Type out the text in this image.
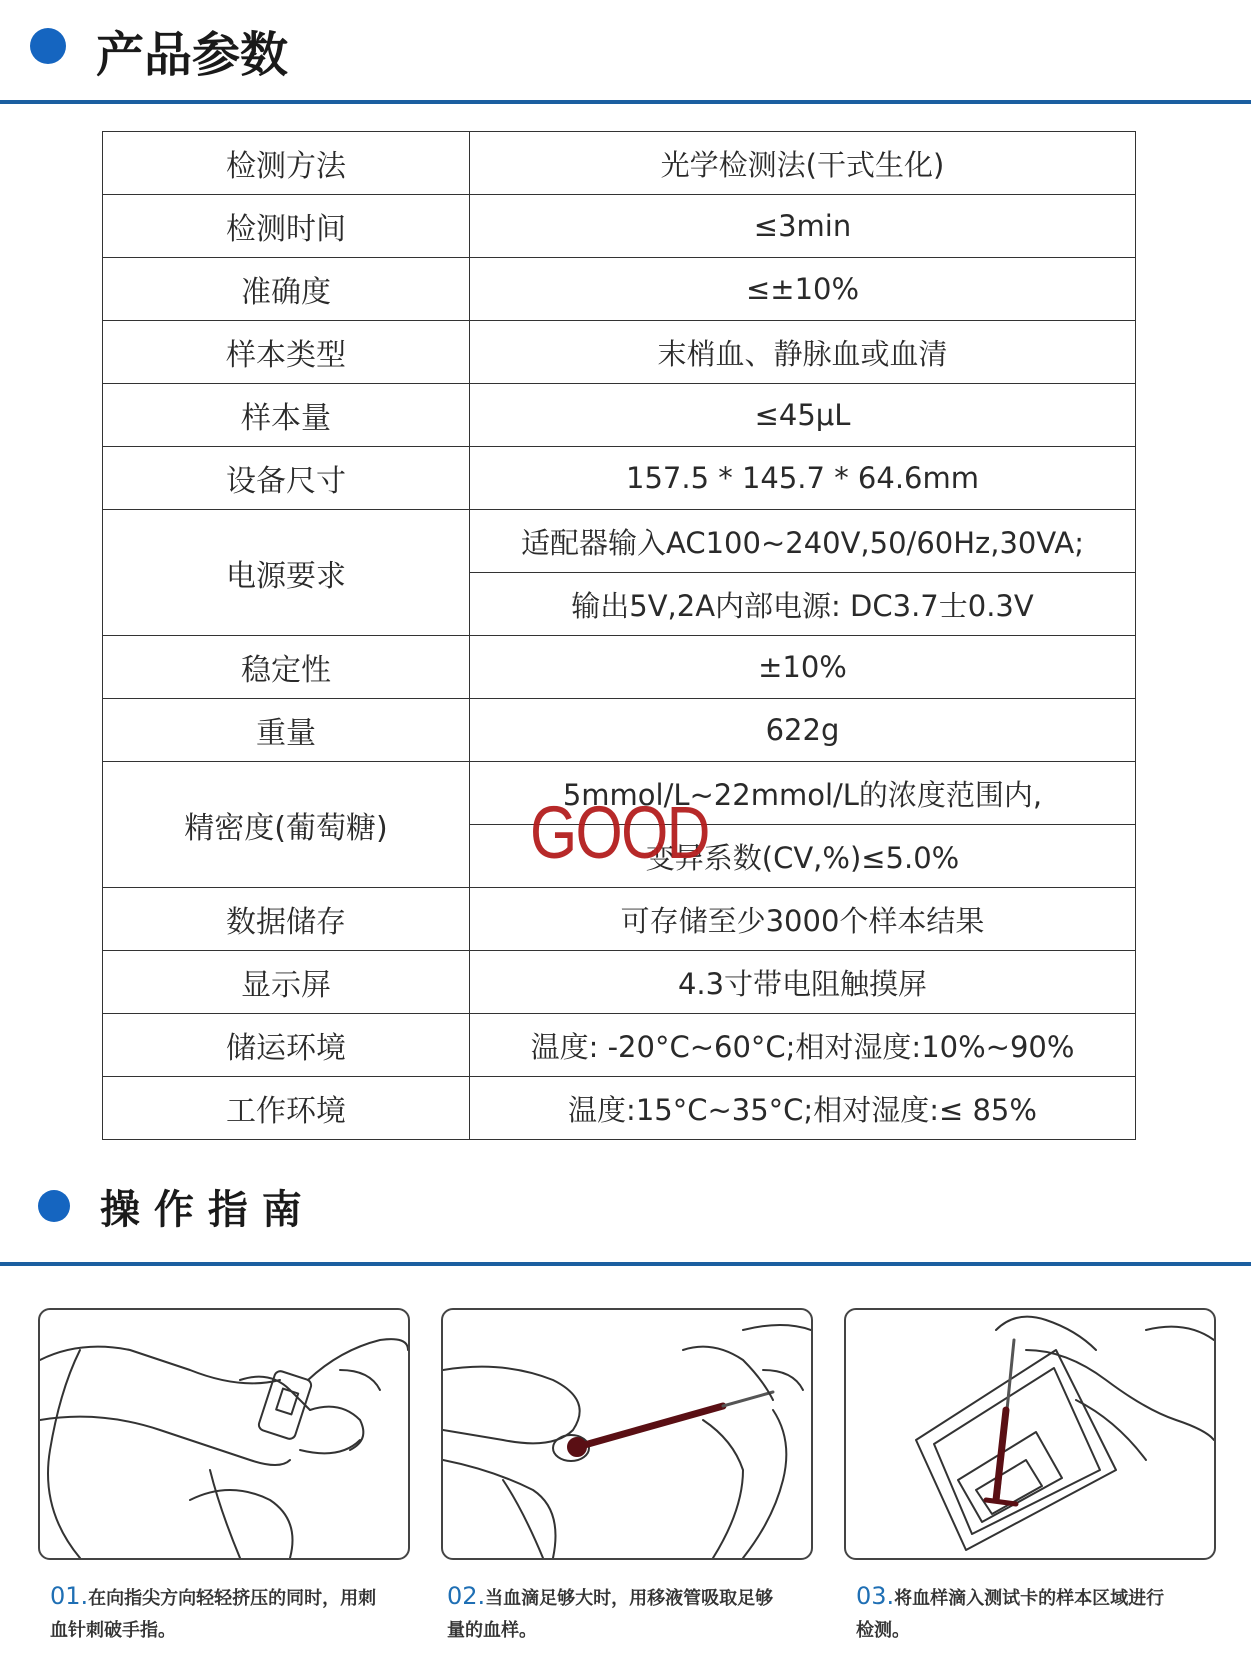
产品参数
检测方法	光学检测法(干式生化)
检测时间	≤3min
准确度	≤±10%
样本类型	末梢血、静脉血或血清
样本量	≤45μL
设备尺寸	157.5 * 145.7 * 64.6mm
电源要求	适配器输入AC100~240V,50/60Hz,30VA;
	输出5V,2A内部电源: DC3.7士0.3V
稳定性	±10%
重量	622g
精密度(葡萄糖)	5mmol/L~22mmol/L的浓度范围内,
	变异系数(CV,%)≤5.0%
数据储存	可存储至少3000个样本结果
显示屏	4.3寸带电阻触摸屏
储运环境	温度: -20°C~60°C;相对湿度:10%~90%
工作环境	温度:15°C~35°C;相对湿度:≤ 85%
GOOD
操 作 指 南
01.在向指尖方向轻轻挤压的同时，用刺
血针刺破手指。
02.当血滴足够大时，用移液管吸取足够
量的血样。
03.将血样滴入测试卡的样本区域进行
检测。
